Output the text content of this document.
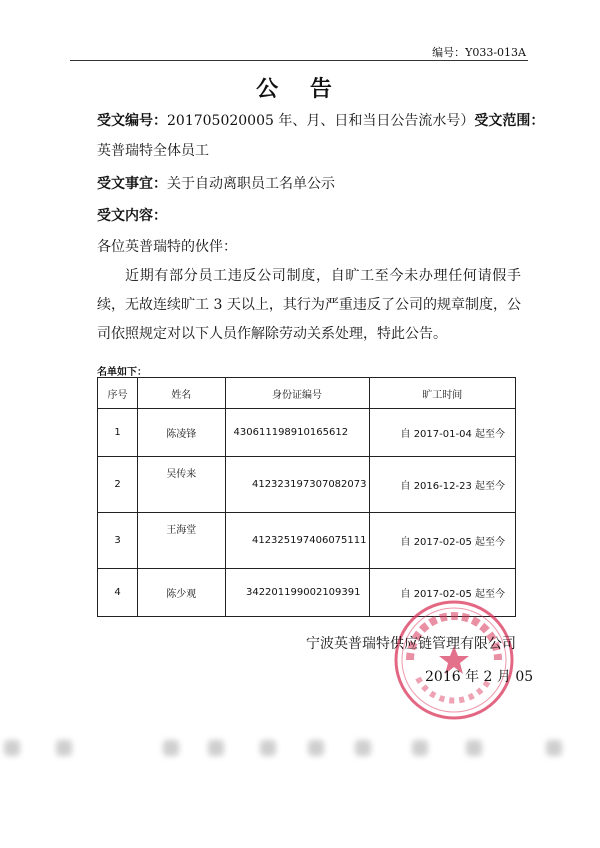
编号：Y033-013A
公 告
受文编号：201705020005 年、月、日和当日公告流水号）受文范围：
英普瑞特全体员工
受文事宜：关于自动离职员工名单公示
受文内容：
各位英普瑞特的伙伴：
近期有部分员工违反公司制度，自旷工至今未办理任何请假手续，无故连续旷工 3 天以上，其行为严重违反了公司的规章制度，公司依照规定对以下人员作解除劳动关系处理，特此公告。
名单如下：
序号	姓名	身份证编号	旷工时间
1	陈凌锋	430611198910165612	自 2017-01-04 起至今
2	吴传来	412323197307082073	自 2016-12-23 起至今
3	王海堂	412325197406075111	自 2017-02-05 起至今
4	陈少观	342201199002109391	自 2017-02-05 起至今
宁波英普瑞特供应链管理有限公司
2016 年 2 月 05
